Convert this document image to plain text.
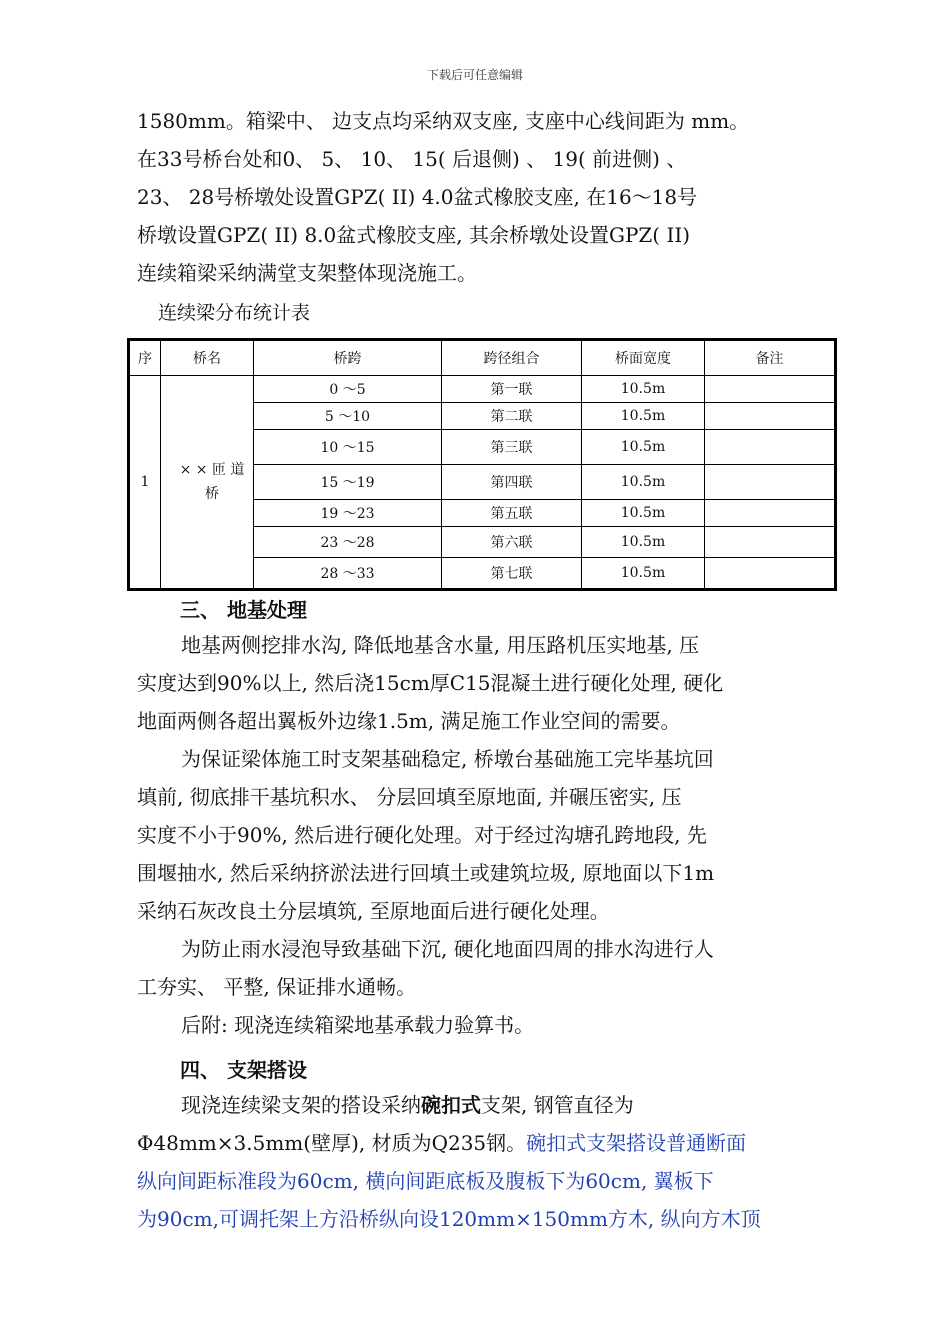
下载后可任意编辑
1580mm。箱梁中、 边支点均采纳双支座, 支座中心线间距为 mm。
在33号桥台处和0、 5、 10、 15( 后退侧) 、 19( 前进侧) 、
23、 28号桥墩处设置GPZ( II) 4.0盆式橡胶支座, 在16～18号
桥墩设置GPZ( II) 8.0盆式橡胶支座, 其余桥墩处设置GPZ( II)
连续箱梁采纳满堂支架整体现浇施工。
连续梁分布统计表
序	桥名	桥跨	跨径组合	桥面宽度	备注
1	× × 匝 道 桥	0 ～5	第一联	10.5m	
		5 ～10	第二联	10.5m	
		10 ～15	第三联	10.5m	
		15 ～19	第四联	10.5m	
		19 ～23	第五联	10.5m	
		23 ～28	第六联	10.5m	
		28 ～33	第七联	10.5m	
三、 地基处理
地基两侧挖排水沟, 降低地基含水量, 用压路机压实地基, 压
实度达到90%以上, 然后浇15cm厚C15混凝土进行硬化处理, 硬化
地面两侧各超出翼板外边缘1.5m, 满足施工作业空间的需要。
为保证梁体施工时支架基础稳定, 桥墩台基础施工完毕基坑回
填前, 彻底排干基坑积水、 分层回填至原地面, 并碾压密实, 压
实度不小于90%, 然后进行硬化处理。对于经过沟塘孔跨地段, 先
围堰抽水, 然后采纳挤淤法进行回填土或建筑垃圾, 原地面以下1m
采纳石灰改良土分层填筑, 至原地面后进行硬化处理。
为防止雨水浸泡导致基础下沉, 硬化地面四周的排水沟进行人
工夯实、 平整, 保证排水通畅。
后附: 现浇连续箱梁地基承载力验算书。
四、 支架搭设
现浇连续梁支架的搭设采纳碗扣式支架, 钢管直径为
Φ48mm×3.5mm(壁厚), 材质为Q235钢。碗扣式支架搭设普通断面
纵向间距标准段为60cm, 横向间距底板及腹板下为60cm, 翼板下
为90cm,可调托架上方沿桥纵向设120mm×150mm方木, 纵向方木顶
